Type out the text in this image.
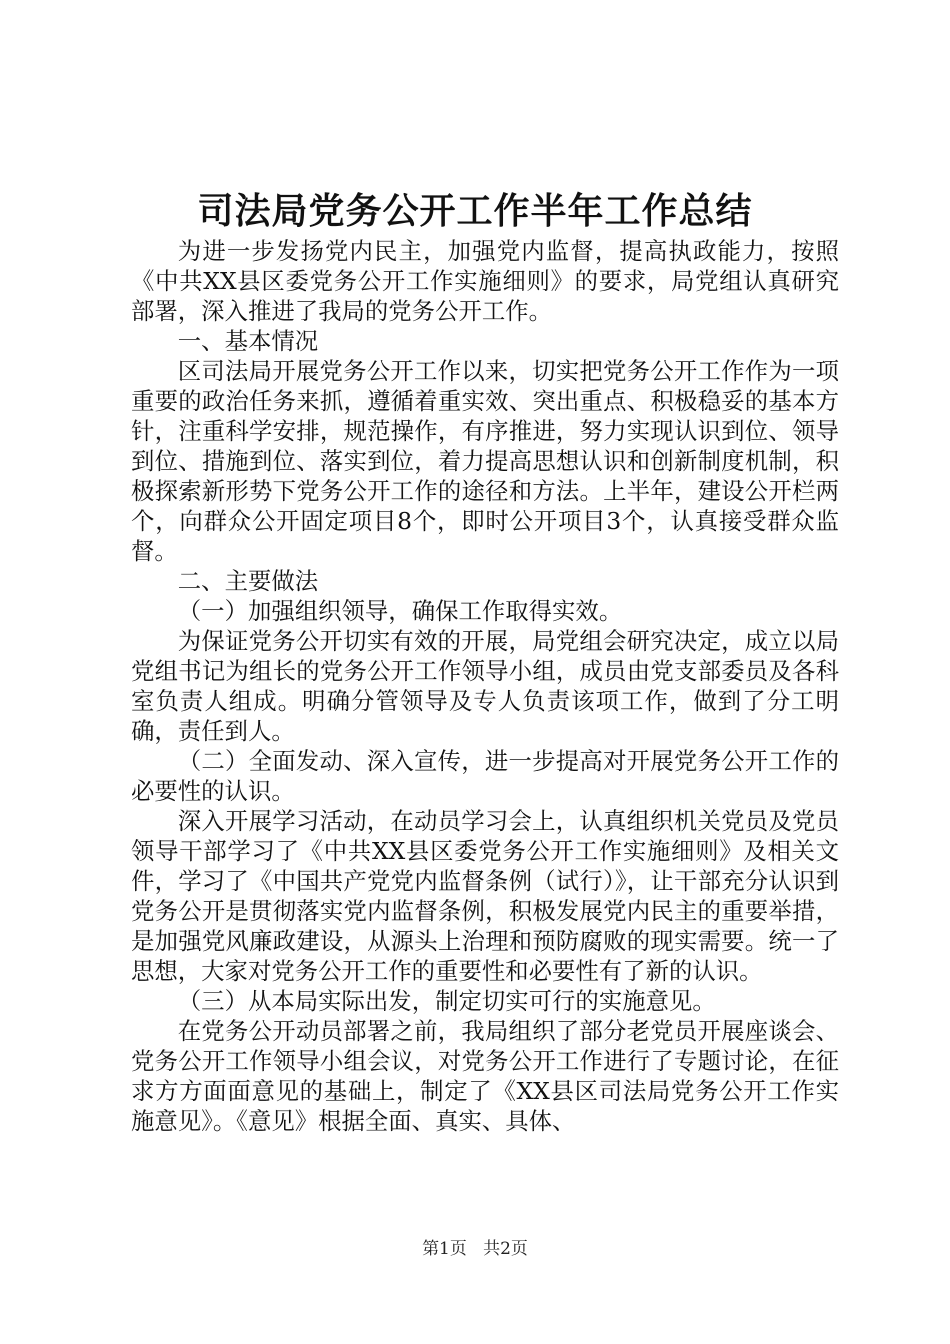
司法局党务公开工作半年工作总结

为进一步发扬党内民主，加强党内监督，提高执政能力，按照《中共XX县区委党务公开工作实施细则》的要求，局党组认真研究部署，深入推进了我局的党务公开工作。

一、基本情况

区司法局开展党务公开工作以来，切实把党务公开工作作为一项重要的政治任务来抓，遵循着重实效、突出重点、积极稳妥的基本方针，注重科学安排，规范操作，有序推进，努力实现认识到位、领导到位、措施到位、落实到位，着力提高思想认识和创新制度机制，积极探索新形势下党务公开工作的途径和方法。上半年，建设公开栏两个，向群众公开固定项目8个，即时公开项目3个，认真接受群众监督。

二、主要做法

（一）加强组织领导，确保工作取得实效。

为保证党务公开切实有效的开展，局党组会研究决定，成立以局党组书记为组长的党务公开工作领导小组，成员由党支部委员及各科室负责人组成。明确分管领导及专人负责该项工作，做到了分工明确，责任到人。

（二）全面发动、深入宣传，进一步提高对开展党务公开工作的必要性的认识。

深入开展学习活动，在动员学习会上，认真组织机关党员及党员领导干部学习了《中共XX县区委党务公开工作实施细则》及相关文件，学习了《中国共产党党内监督条例（试行）》，让干部充分认识到党务公开是贯彻落实党内监督条例，积极发展党内民主的重要举措，是加强党风廉政建设，从源头上治理和预防腐败的现实需要。统一了思想，大家对党务公开工作的重要性和必要性有了新的认识。

（三）从本局实际出发，制定切实可行的实施意见。

在党务公开动员部署之前，我局组织了部分老党员开展座谈会、党务公开工作领导小组会议，对党务公开工作进行了专题讨论，在征求方方面面意见的基础上，制定了《XX县区司法局党务公开工作实施意见》。《意见》根据全面、真实、具体、

第1页 共2页
